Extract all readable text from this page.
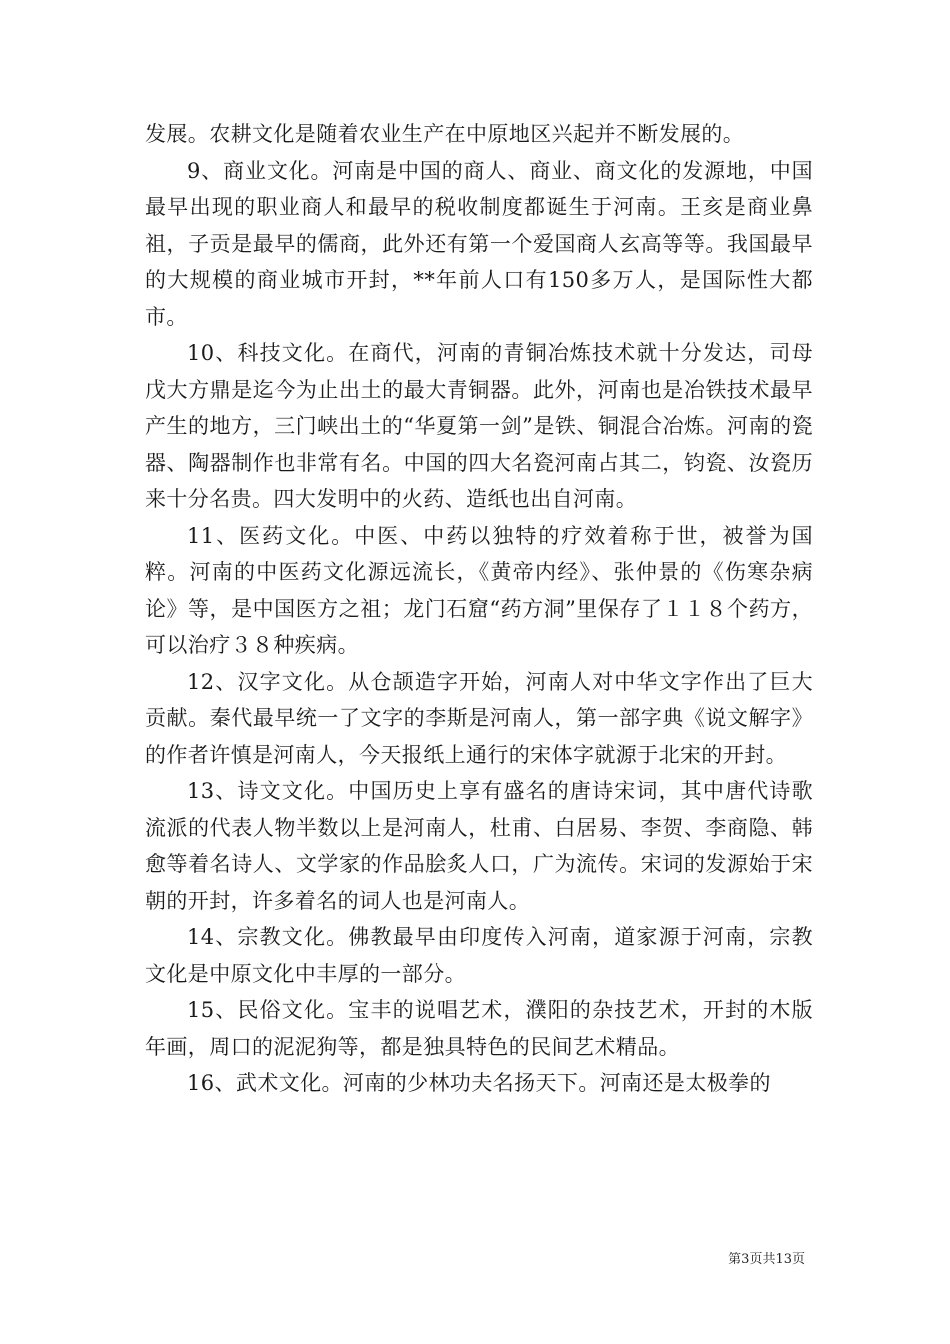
发展。农耕文化是随着农业生产在中原地区兴起并不断发展的。

9、商业文化。河南是中国的商人、商业、商文化的发源地，中国最早出现的职业商人和最早的税收制度都诞生于河南。王亥是商业鼻祖，子贡是最早的儒商，此外还有第一个爱国商人玄高等等。我国最早的大规模的商业城市开封，**年前人口有150多万人，是国际性大都市。

10、科技文化。在商代，河南的青铜冶炼技术就十分发达，司母戊大方鼎是迄今为止出土的最大青铜器。此外，河南也是冶铁技术最早产生的地方，三门峡出土的“华夏第一剑”是铁、铜混合冶炼。河南的瓷器、陶器制作也非常有名。中国的四大名瓷河南占其二，钧瓷、汝瓷历来十分名贵。四大发明中的火药、造纸也出自河南。

11、医药文化。中医、中药以独特的疗效着称于世，被誉为国粹。河南的中医药文化源远流长，《黄帝内经》、张仲景的《伤寒杂病论》等，是中国医方之祖；龙门石窟“药方洞”里保存了１１８个药方，可以治疗３８种疾病。

12、汉字文化。从仓颉造字开始，河南人对中华文字作出了巨大贡献。秦代最早统一了文字的李斯是河南人，第一部字典《说文解字》的作者许慎是河南人，今天报纸上通行的宋体字就源于北宋的开封。

13、诗文文化。中国历史上享有盛名的唐诗宋词，其中唐代诗歌流派的代表人物半数以上是河南人，杜甫、白居易、李贺、李商隐、韩愈等着名诗人、文学家的作品脍炙人口，广为流传。宋词的发源始于宋朝的开封，许多着名的词人也是河南人。

14、宗教文化。佛教最早由印度传入河南，道家源于河南，宗教文化是中原文化中丰厚的一部分。

15、民俗文化。宝丰的说唱艺术，濮阳的杂技艺术，开封的木版年画，周口的泥泥狗等，都是独具特色的民间艺术精品。

16、武术文化。河南的少林功夫名扬天下。河南还是太极拳的

第3页共13页
